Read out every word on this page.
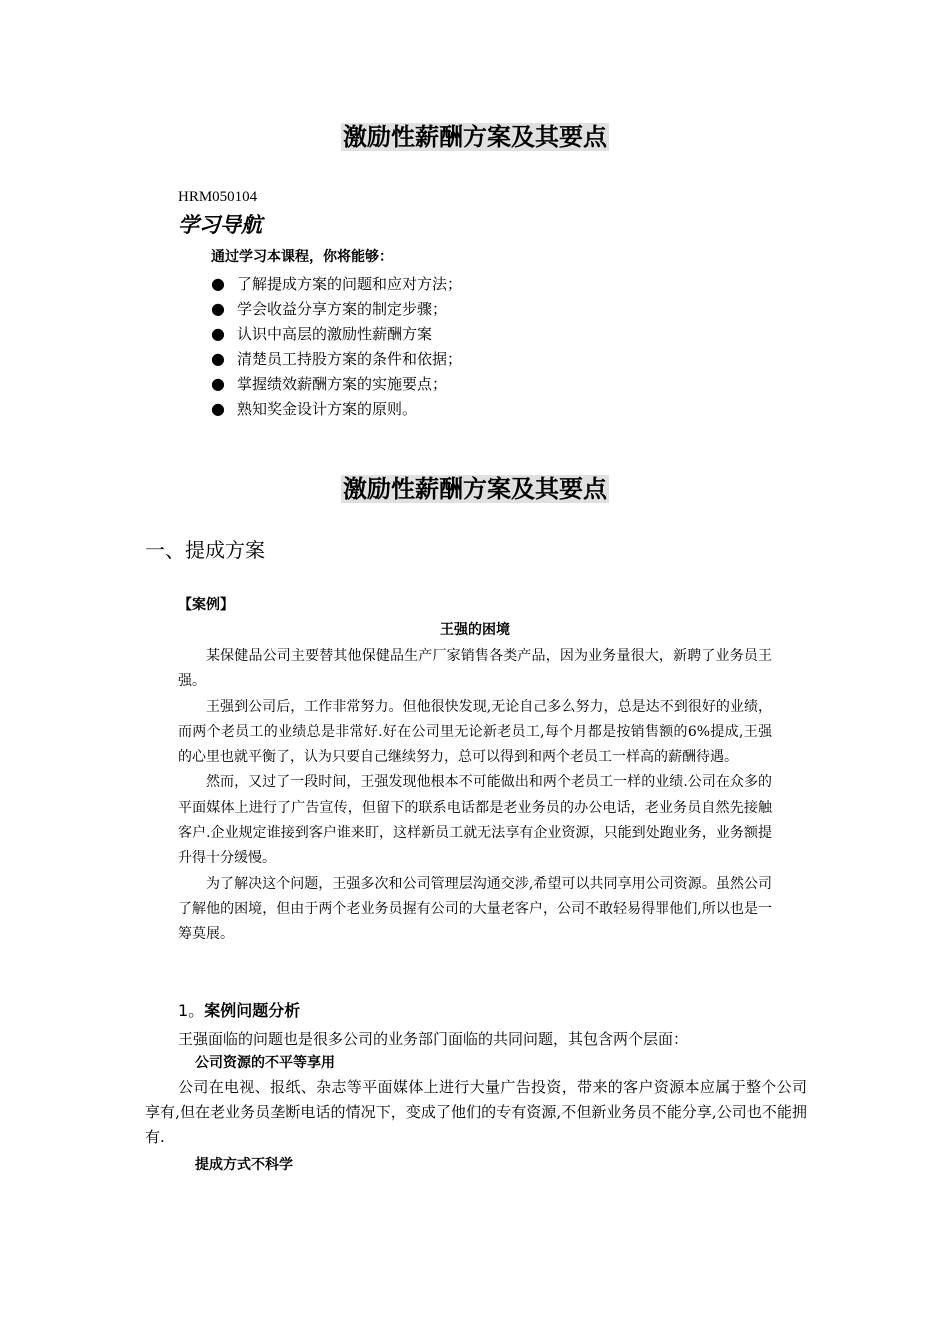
激励性薪酬方案及其要点
HRM050104
学习导航
通过学习本课程，你将能够：
● 了解提成方案的问题和应对方法；
● 学会收益分享方案的制定步骤；
● 认识中高层的激励性薪酬方案
● 清楚员工持股方案的条件和依据；
● 掌握绩效薪酬方案的实施要点；
● 熟知奖金设计方案的原则。
激励性薪酬方案及其要点
一、提成方案
【案例】
王强的困境

某保健品公司主要替其他保健品生产厂家销售各类产品，因为业务量很大，新聘了业务员王强。

王强到公司后，工作非常努力。但他很快发现,无论自己多么努力，总是达不到很好的业绩，而两个老员工的业绩总是非常好.好在公司里无论新老员工,每个月都是按销售额的6%提成,王强的心里也就平衡了，认为只要自己继续努力，总可以得到和两个老员工一样高的薪酬待遇。

然而，又过了一段时间，王强发现他根本不可能做出和两个老员工一样的业绩.公司在众多的平面媒体上进行了广告宣传，但留下的联系电话都是老业务员的办公电话，老业务员自然先接触客户.企业规定谁接到客户谁来盯，这样新员工就无法享有企业资源，只能到处跑业务，业务额提升得十分缓慢。

为了解决这个问题，王强多次和公司管理层沟通交涉,希望可以共同享用公司资源。虽然公司了解他的困境，但由于两个老业务员握有公司的大量老客户，公司不敢轻易得罪他们,所以也是一筹莫展。

1。案例问题分析
王强面临的问题也是很多公司的业务部门面临的共同问题，其包含两个层面：
公司资源的不平等享用

公司在电视、报纸、杂志等平面媒体上进行大量广告投资，带来的客户资源本应属于整个公司享有,但在老业务员垄断电话的情况下，变成了他们的专有资源,不但新业务员不能分享,公司也不能拥有.

提成方式不科学
